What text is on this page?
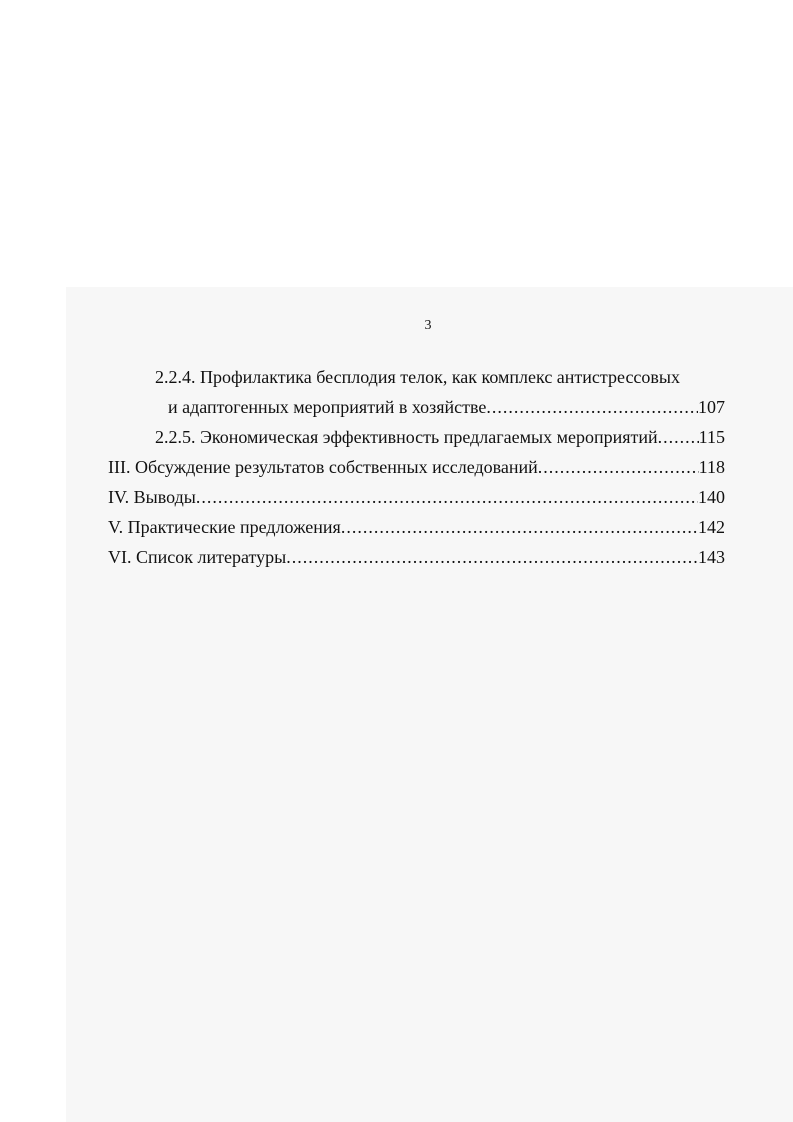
3
2.2.4. Профилактика бесплодия телок, как комплекс антистрессовых
и адаптогенных мероприятий в хозяйстве .....	107
2.2.5. Экономическая эффективность предлагаемых мероприятий ..... 115
III. Обсуждение результатов собственных исследований .....	118
IV. Выводы .....	140
V. Практические предложения .....	142
VI. Список литературы .....	143
